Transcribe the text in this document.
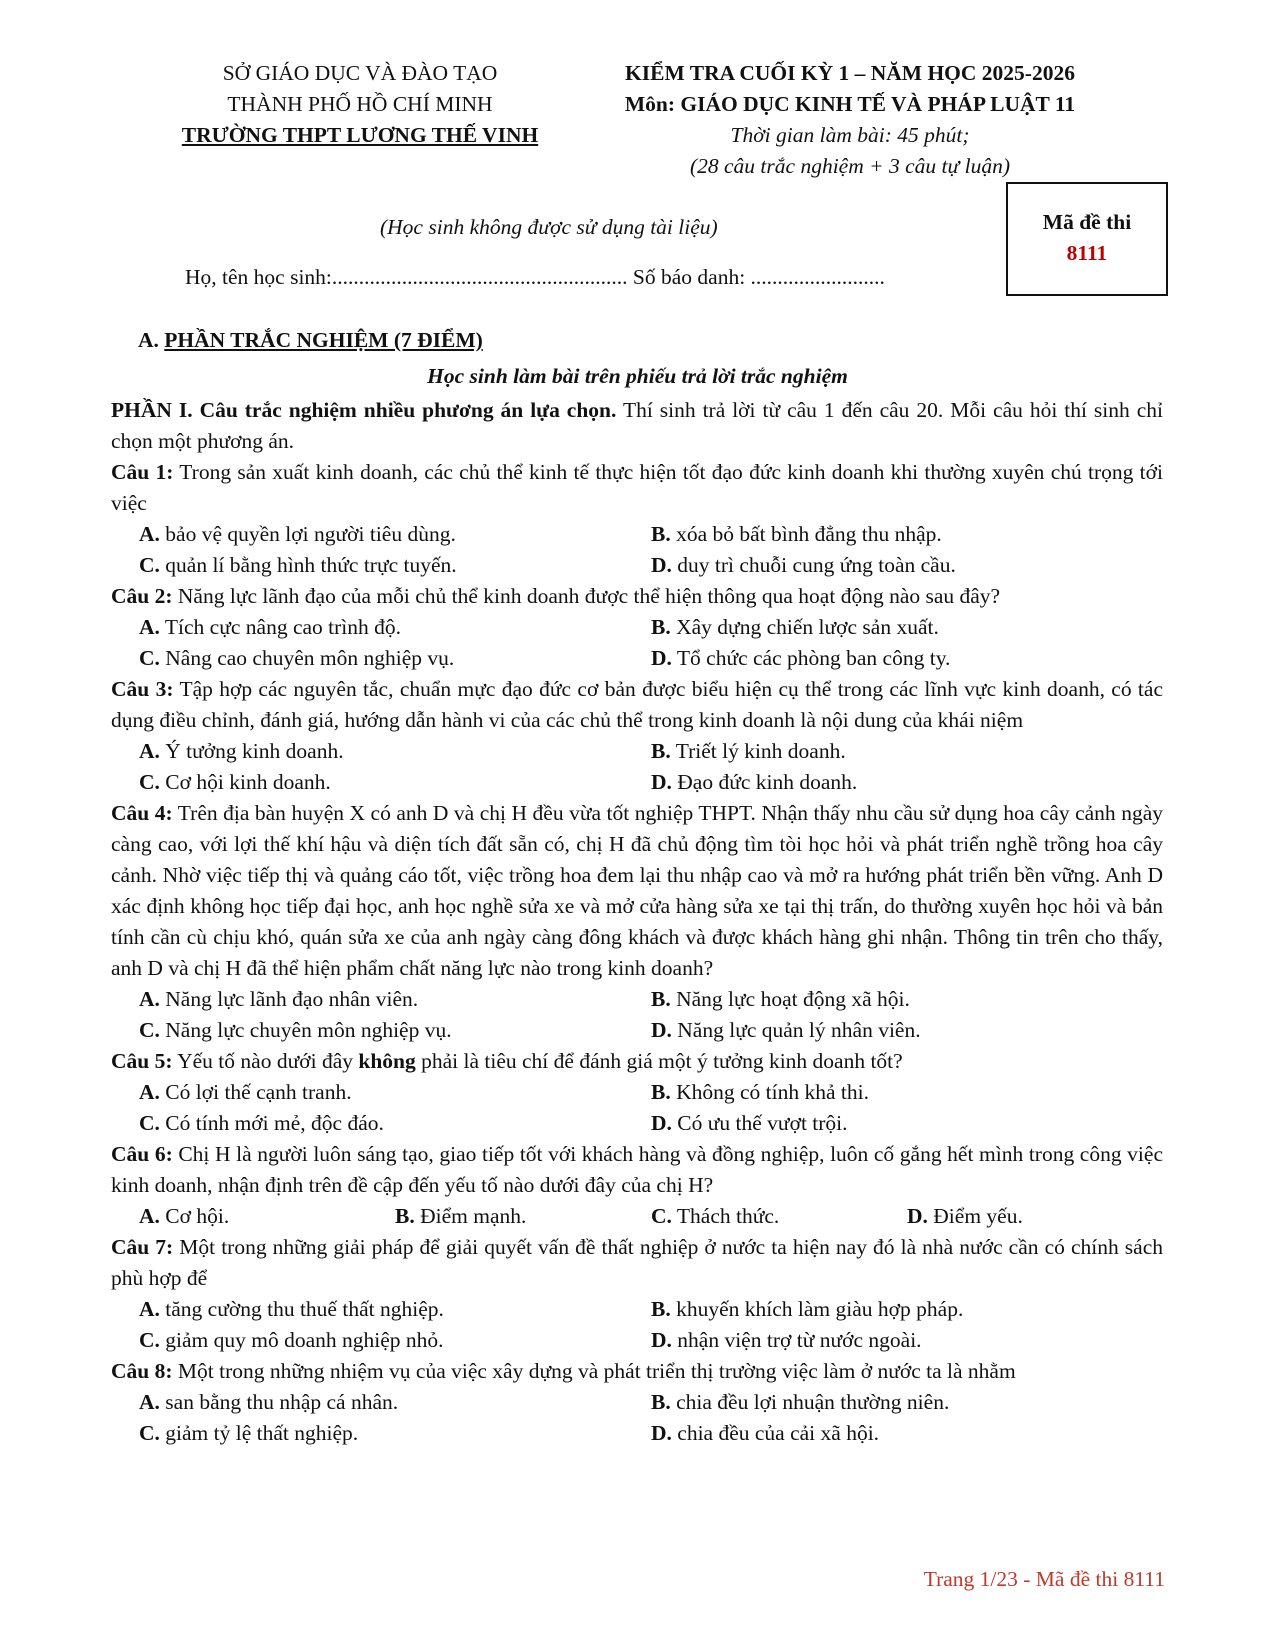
SỞ GIÁO DỤC VÀ ĐÀO TẠO
THÀNH PHỐ HỒ CHÍ MINH
TRƯỜNG THPT LƯƠNG THẾ VINH
KIỂM TRA CUỐI KỲ 1 – NĂM HỌC 2025-2026
Môn: GIÁO DỤC KINH TẾ VÀ PHÁP LUẬT 11
Thời gian làm bài: 45 phút;
(28 câu trắc nghiệm + 3 câu tự luận)
Mã đề thi
8111
(Học sinh không được sử dụng tài liệu)
Họ, tên học sinh:....................................................... Số báo danh: .........................
A. PHẦN TRẮC NGHIỆM (7 ĐIỂM)
Học sinh làm bài trên phiếu trả lời trắc nghiệm

PHẦN I. Câu trắc nghiệm nhiều phương án lựa chọn. Thí sinh trả lời từ câu 1 đến câu 20. Mỗi câu hỏi thí sinh chỉ chọn một phương án.

Câu 1: Trong sản xuất kinh doanh, các chủ thể kinh tế thực hiện tốt đạo đức kinh doanh khi thường xuyên chú trọng tới việc

A. bảo vệ quyền lợi người tiêu dùng.	B. xóa bỏ bất bình đẳng thu nhập.
C. quản lí bằng hình thức trực tuyến.	D. duy trì chuỗi cung ứng toàn cầu.

Câu 2: Năng lực lãnh đạo của mỗi chủ thể kinh doanh được thể hiện thông qua hoạt động nào sau đây?

A. Tích cực nâng cao trình độ.	B. Xây dựng chiến lược sản xuất.
C. Nâng cao chuyên môn nghiệp vụ.	D. Tổ chức các phòng ban công ty.

Câu 3: Tập hợp các nguyên tắc, chuẩn mực đạo đức cơ bản được biểu hiện cụ thể trong các lĩnh vực kinh doanh, có tác dụng điều chỉnh, đánh giá, hướng dẫn hành vi của các chủ thể trong kinh doanh là nội dung của khái niệm

A. Ý tưởng kinh doanh.	B. Triết lý kinh doanh.
C. Cơ hội kinh doanh.	D. Đạo đức kinh doanh.

Câu 4: Trên địa bàn huyện X có anh D và chị H đều vừa tốt nghiệp THPT. Nhận thấy nhu cầu sử dụng hoa cây cảnh ngày càng cao, với lợi thế khí hậu và diện tích đất sẵn có, chị H đã chủ động tìm tòi học hỏi và phát triển nghề trồng hoa cây cảnh. Nhờ việc tiếp thị và quảng cáo tốt, việc trồng hoa đem lại thu nhập cao và mở ra hướng phát triển bền vững. Anh D xác định không học tiếp đại học, anh học nghề sửa xe và mở cửa hàng sửa xe tại thị trấn, do thường xuyên học hỏi và bản tính cần cù chịu khó, quán sửa xe của anh ngày càng đông khách và được khách hàng ghi nhận. Thông tin trên cho thấy, anh D và chị H đã thể hiện phẩm chất năng lực nào trong kinh doanh?

A. Năng lực lãnh đạo nhân viên.	B. Năng lực hoạt động xã hội.
C. Năng lực chuyên môn nghiệp vụ.	D. Năng lực quản lý nhân viên.

Câu 5: Yếu tố nào dưới đây không phải là tiêu chí để đánh giá một ý tưởng kinh doanh tốt?

A. Có lợi thế cạnh tranh.	B. Không có tính khả thi.
C. Có tính mới mẻ, độc đáo.	D. Có ưu thế vượt trội.

Câu 6: Chị H là người luôn sáng tạo, giao tiếp tốt với khách hàng và đồng nghiệp, luôn cố gắng hết mình trong công việc kinh doanh, nhận định trên đề cập đến yếu tố nào dưới đây của chị H?

A. Cơ hội.	B. Điểm mạnh.	C. Thách thức.	D. Điểm yếu.

Câu 7: Một trong những giải pháp để giải quyết vấn đề thất nghiệp ở nước ta hiện nay đó là nhà nước cần có chính sách phù hợp để

A. tăng cường thu thuế thất nghiệp.	B. khuyến khích làm giàu hợp pháp.
C. giảm quy mô doanh nghiệp nhỏ.	D. nhận viện trợ từ nước ngoài.

Câu 8: Một trong những nhiệm vụ của việc xây dựng và phát triển thị trường việc làm ở nước ta là nhằm

A. san bằng thu nhập cá nhân.	B. chia đều lợi nhuận thường niên.
C. giảm tỷ lệ thất nghiệp.	D. chia đều của cải xã hội.
Trang 1/23 - Mã đề thi 8111
